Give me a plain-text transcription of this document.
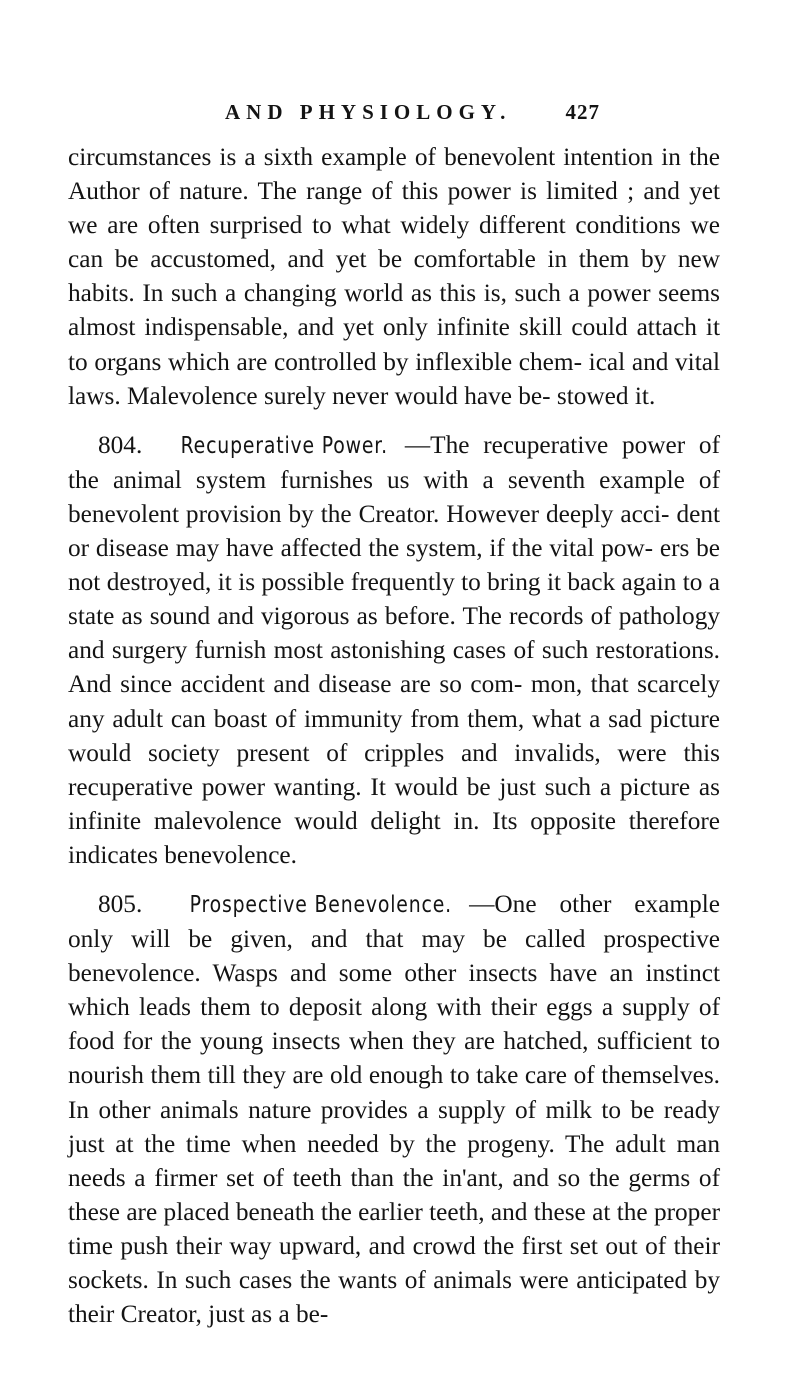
AND PHYSIOLOGY.	427

circumstances is a sixth example of benevolent intention in the Author of nature. The range of this power is limited ; and yet we are often surprised to what widely different conditions we can be accustomed, and yet be comfortable in them by new habits. In such a changing world as this is, such a power seems almost indispensable, and yet only infinite skill could attach it to organs which are controlled by inflexible chem- ical and vital laws. Malevolence surely never would have be- stowed it.

804. Recuperative Power. —The recuperative power of the animal system furnishes us with a seventh example of benevolent provision by the Creator. However deeply acci- dent or disease may have affected the system, if the vital pow- ers be not destroyed, it is possible frequently to bring it back again to a state as sound and vigorous as before. The records of pathology and surgery furnish most astonishing cases of such restorations. And since accident and disease are so com- mon, that scarcely any adult can boast of immunity from them, what a sad picture would society present of cripples and invalids, were this recuperative power wanting. It would be just such a picture as infinite malevolence would delight in. Its opposite therefore indicates benevolence.

805. Prospective Benevolence. —One other example only will be given, and that may be called prospective benevolence. Wasps and some other insects have an instinct which leads them to deposit along with their eggs a supply of food for the young insects when they are hatched, sufficient to nourish them till they are old enough to take care of themselves. In other animals nature provides a supply of milk to be ready just at the time when needed by the progeny. The adult man needs a firmer set of teeth than the in'ant, and so the germs of these are placed beneath the earlier teeth, and these at the proper time push their way upward, and crowd the first set out of their sockets. In such cases the wants of animals were anticipated by their Creator, just as a be-
